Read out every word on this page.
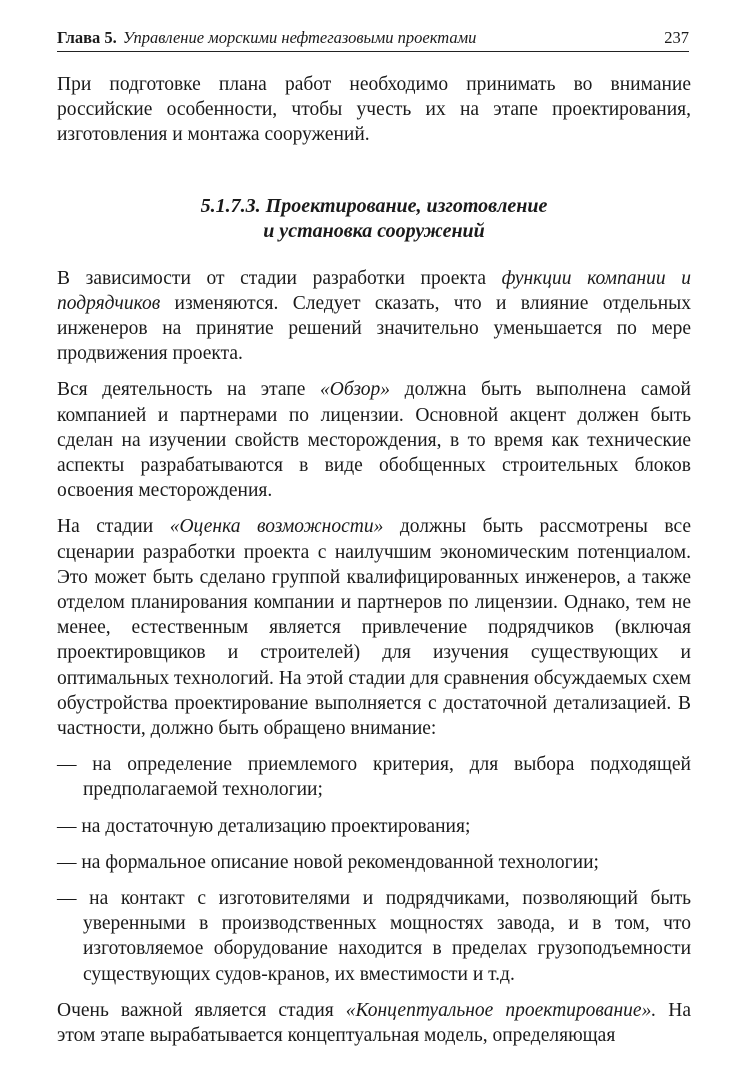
Глава 5. Управление морскими нефтегазовыми проектами	237

При подготовке плана работ необходимо принимать во внимание российские особенности, чтобы учесть их на этапе проектирования, изготовления и монтажа сооружений.

5.1.7.3. Проектирование, изготовление
и установка сооружений

В зависимости от стадии разработки проекта функции компании и подрядчиков изменяются. Следует сказать, что и влияние отдельных инженеров на принятие решений значительно уменьшается по мере продвижения проекта.

Вся деятельность на этапе «Обзор» должна быть выполнена самой компанией и партнерами по лицензии. Основной акцент должен быть сделан на изучении свойств месторождения, в то время как технические аспекты разрабатываются в виде обобщенных строительных блоков освоения месторождения.

На стадии «Оценка возможности» должны быть рассмотрены все сценарии разработки проекта с наилучшим экономическим потенциалом. Это может быть сделано группой квалифицированных инженеров, а также отделом планирования компании и партнеров по лицензии. Однако, тем не менее, естественным является привлечение подрядчиков (включая проектировщиков и строителей) для изучения существующих и оптимальных технологий. На этой стадии для сравнения обсуждаемых схем обустройства проектирование выполняется с достаточной детализацией. В частности, должно быть обращено внимание:

— на определение приемлемого критерия, для выбора подходящей предполагаемой технологии;

— на достаточную детализацию проектирования;

— на формальное описание новой рекомендованной технологии;

— на контакт с изготовителями и подрядчиками, позволяющий быть уверенными в производственных мощностях завода, и в том, что изготовляемое оборудование находится в пределах грузоподъемности существующих судов-кранов, их вместимости и т.д.

Очень важной является стадия «Концептуальное проектирование». На этом этапе вырабатывается концептуальная модель, определяющая
